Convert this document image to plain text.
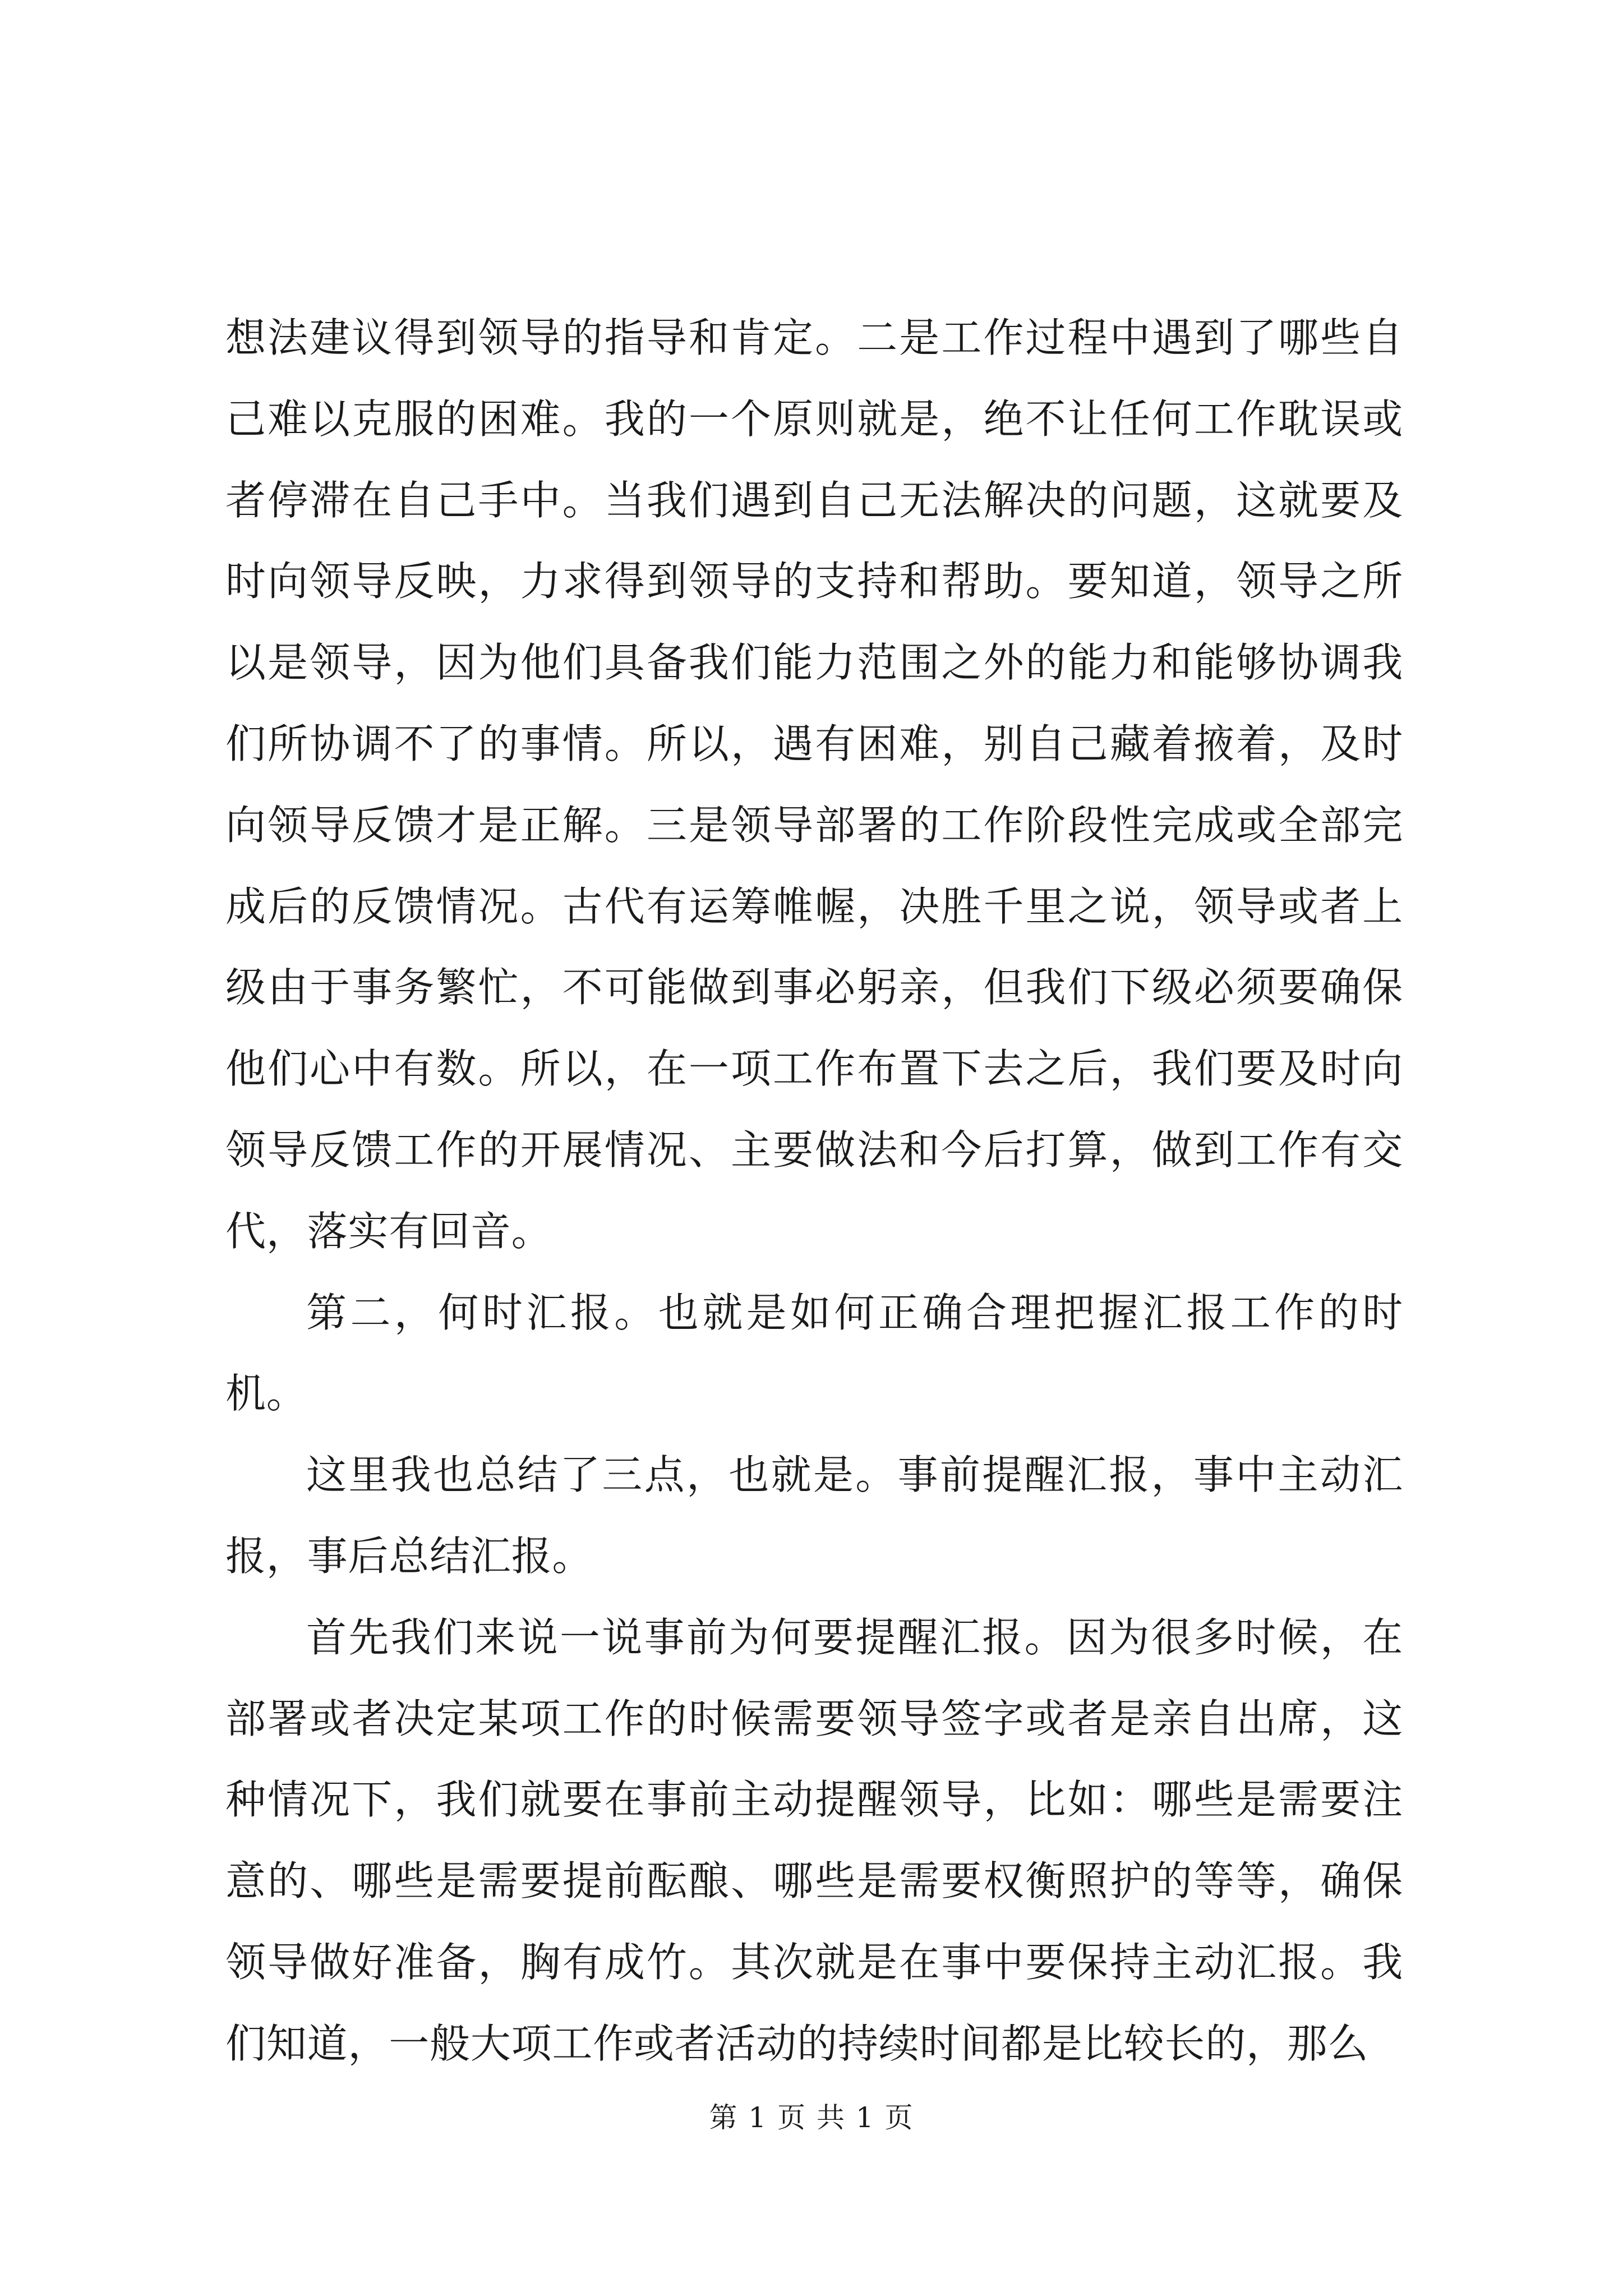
想法建议得到领导的指导和肯定。二是工作过程中遇到了哪些自己难以克服的困难。我的一个原则就是，绝不让任何工作耽误或者停滞在自己手中。当我们遇到自己无法解决的问题，这就要及时向领导反映，力求得到领导的支持和帮助。要知道，领导之所以是领导，因为他们具备我们能力范围之外的能力和能够协调我们所协调不了的事情。所以，遇有困难，别自己藏着掖着，及时向领导反馈才是正解。三是领导部署的工作阶段性完成或全部完成后的反馈情况。古代有运筹帷幄，决胜千里之说，领导或者上级由于事务繁忙，不可能做到事必躬亲，但我们下级必须要确保他们心中有数。所以，在一项工作布置下去之后，我们要及时向领导反馈工作的开展情况、主要做法和今后打算，做到工作有交代，落实有回音。

第二，何时汇报。也就是如何正确合理把握汇报工作的时机。

这里我也总结了三点，也就是。事前提醒汇报，事中主动汇报，事后总结汇报。

首先我们来说一说事前为何要提醒汇报。因为很多时候，在部署或者决定某项工作的时候需要领导签字或者是亲自出席，这种情况下，我们就要在事前主动提醒领导，比如：哪些是需要注意的、哪些是需要提前酝酿、哪些是需要权衡照护的等等，确保领导做好准备，胸有成竹。其次就是在事中要保持主动汇报。我们知道，一般大项工作或者活动的持续时间都是比较长的，那么

第 1 页 共 1 页
